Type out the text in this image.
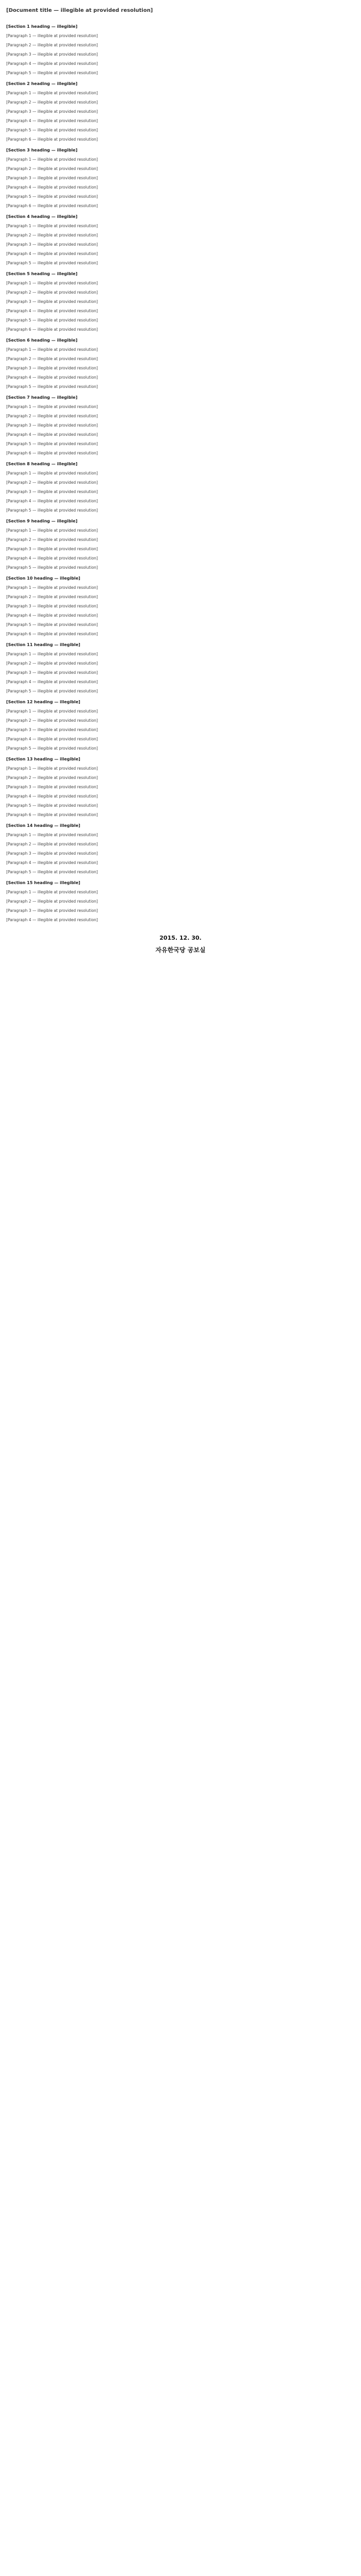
[Document title — illegible at provided resolution]
[Section 1 heading — illegible]

[Paragraph 1 — illegible at provided resolution]

[Paragraph 2 — illegible at provided resolution]

[Paragraph 3 — illegible at provided resolution]

[Paragraph 4 — illegible at provided resolution]

[Paragraph 5 — illegible at provided resolution]

[Section 2 heading — illegible]

[Paragraph 1 — illegible at provided resolution]

[Paragraph 2 — illegible at provided resolution]

[Paragraph 3 — illegible at provided resolution]

[Paragraph 4 — illegible at provided resolution]

[Paragraph 5 — illegible at provided resolution]

[Paragraph 6 — illegible at provided resolution]

[Section 3 heading — illegible]

[Paragraph 1 — illegible at provided resolution]

[Paragraph 2 — illegible at provided resolution]

[Paragraph 3 — illegible at provided resolution]

[Paragraph 4 — illegible at provided resolution]

[Paragraph 5 — illegible at provided resolution]

[Paragraph 6 — illegible at provided resolution]

[Section 4 heading — illegible]

[Paragraph 1 — illegible at provided resolution]

[Paragraph 2 — illegible at provided resolution]

[Paragraph 3 — illegible at provided resolution]

[Paragraph 4 — illegible at provided resolution]

[Paragraph 5 — illegible at provided resolution]

[Section 5 heading — illegible]

[Paragraph 1 — illegible at provided resolution]

[Paragraph 2 — illegible at provided resolution]

[Paragraph 3 — illegible at provided resolution]

[Paragraph 4 — illegible at provided resolution]

[Paragraph 5 — illegible at provided resolution]

[Paragraph 6 — illegible at provided resolution]

[Section 6 heading — illegible]

[Paragraph 1 — illegible at provided resolution]

[Paragraph 2 — illegible at provided resolution]

[Paragraph 3 — illegible at provided resolution]

[Paragraph 4 — illegible at provided resolution]

[Paragraph 5 — illegible at provided resolution]

[Section 7 heading — illegible]

[Paragraph 1 — illegible at provided resolution]

[Paragraph 2 — illegible at provided resolution]

[Paragraph 3 — illegible at provided resolution]

[Paragraph 4 — illegible at provided resolution]

[Paragraph 5 — illegible at provided resolution]

[Paragraph 6 — illegible at provided resolution]

[Section 8 heading — illegible]

[Paragraph 1 — illegible at provided resolution]

[Paragraph 2 — illegible at provided resolution]

[Paragraph 3 — illegible at provided resolution]

[Paragraph 4 — illegible at provided resolution]

[Paragraph 5 — illegible at provided resolution]

[Section 9 heading — illegible]

[Paragraph 1 — illegible at provided resolution]

[Paragraph 2 — illegible at provided resolution]

[Paragraph 3 — illegible at provided resolution]

[Paragraph 4 — illegible at provided resolution]

[Paragraph 5 — illegible at provided resolution]

[Section 10 heading — illegible]

[Paragraph 1 — illegible at provided resolution]

[Paragraph 2 — illegible at provided resolution]

[Paragraph 3 — illegible at provided resolution]

[Paragraph 4 — illegible at provided resolution]

[Paragraph 5 — illegible at provided resolution]

[Paragraph 6 — illegible at provided resolution]

[Section 11 heading — illegible]

[Paragraph 1 — illegible at provided resolution]

[Paragraph 2 — illegible at provided resolution]

[Paragraph 3 — illegible at provided resolution]

[Paragraph 4 — illegible at provided resolution]

[Paragraph 5 — illegible at provided resolution]

[Section 12 heading — illegible]

[Paragraph 1 — illegible at provided resolution]

[Paragraph 2 — illegible at provided resolution]

[Paragraph 3 — illegible at provided resolution]

[Paragraph 4 — illegible at provided resolution]

[Paragraph 5 — illegible at provided resolution]

[Section 13 heading — illegible]

[Paragraph 1 — illegible at provided resolution]

[Paragraph 2 — illegible at provided resolution]

[Paragraph 3 — illegible at provided resolution]

[Paragraph 4 — illegible at provided resolution]

[Paragraph 5 — illegible at provided resolution]

[Paragraph 6 — illegible at provided resolution]

[Section 14 heading — illegible]

[Paragraph 1 — illegible at provided resolution]

[Paragraph 2 — illegible at provided resolution]

[Paragraph 3 — illegible at provided resolution]

[Paragraph 4 — illegible at provided resolution]

[Paragraph 5 — illegible at provided resolution]

[Section 15 heading — illegible]

[Paragraph 1 — illegible at provided resolution]

[Paragraph 2 — illegible at provided resolution]

[Paragraph 3 — illegible at provided resolution]

[Paragraph 4 — illegible at provided resolution]

2015. 12. 30.
자유한국당 공보실
